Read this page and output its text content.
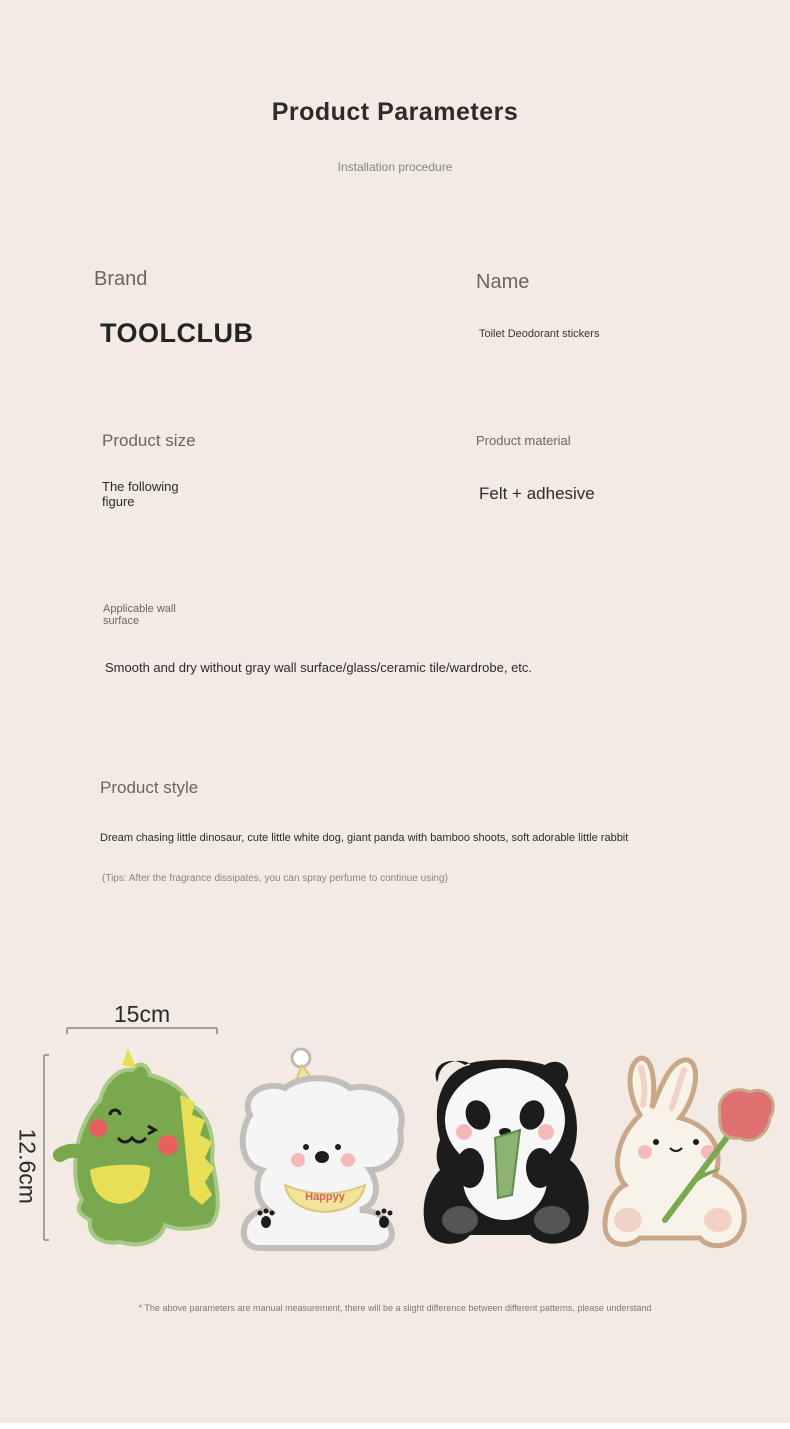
Product Parameters
Installation procedure
Brand
TOOLCLUB
Name
Toilet Deodorant stickers
Product size
The following
figure
Product material
Felt + adhesive
Applicable wall
surface
Smooth and dry without gray wall surface/glass/ceramic tile/wardrobe, etc.
Product style
Dream chasing little dinosaur, cute little white dog, giant panda with bamboo shoots, soft adorable little rabbit
(Tips: After the fragrance dissipates, you can spray perfume to continue using)
15cm
12.6cm	Happyy
* The above parameters are manual measurement, there will be a slight difference between different patterns, please understand
